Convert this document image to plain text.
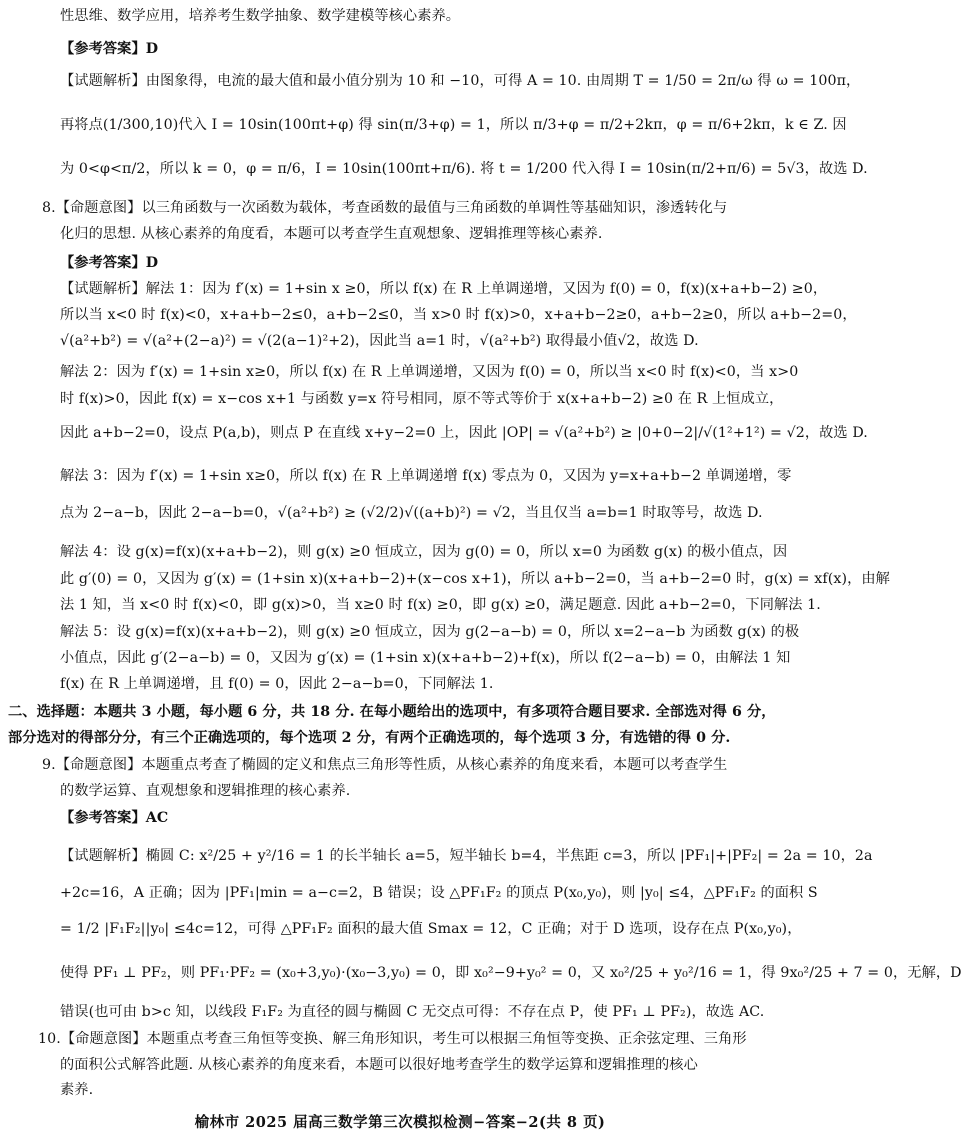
性思维、数学应用，培养考生数学抽象、数学建模等核心素养。
【参考答案】D
【试题解析】由图象得，电流的最大值和最小值分别为 10 和 −10，可得 A = 10. 由周期 T = 1/50 = 2π/ω 得 ω = 100π，
再将点(1/300,10)代入 I = 10sin(100πt+φ) 得 sin(π/3+φ) = 1，所以 π/3+φ = π/2+2kπ，φ = π/6+2kπ，k ∈ Z. 因
为 0<φ<π/2，所以 k = 0，φ = π/6，I = 10sin(100πt+π/6). 将 t = 1/200 代入得 I = 10sin(π/2+π/6) = 5√3，故选 D.
8.【命题意图】以三角函数与一次函数为载体，考查函数的最值与三角函数的单调性等基础知识，渗透转化与
化归的思想. 从核心素养的角度看，本题可以考查学生直观想象、逻辑推理等核心素养.
【参考答案】D
【试题解析】解法 1：因为 f′(x) = 1+sin x ≥0，所以 f(x) 在 R 上单调递增，又因为 f(0) = 0，f(x)(x+a+b−2) ≥0，
所以当 x<0 时 f(x)<0，x+a+b−2≤0，a+b−2≤0，当 x>0 时 f(x)>0，x+a+b−2≥0，a+b−2≥0，所以 a+b−2=0，
√(a²+b²) = √(a²+(2−a)²) = √(2(a−1)²+2)，因此当 a=1 时，√(a²+b²) 取得最小值√2，故选 D.
解法 2：因为 f′(x) = 1+sin x≥0，所以 f(x) 在 R 上单调递增，又因为 f(0) = 0，所以当 x<0 时 f(x)<0，当 x>0
时 f(x)>0，因此 f(x) = x−cos x+1 与函数 y=x 符号相同，原不等式等价于 x(x+a+b−2) ≥0 在 R 上恒成立，
因此 a+b−2=0，设点 P(a,b)，则点 P 在直线 x+y−2=0 上，因此 |OP| = √(a²+b²) ≥ |0+0−2|/√(1²+1²) = √2，故选 D.
解法 3：因为 f′(x) = 1+sin x≥0，所以 f(x) 在 R 上单调递增 f(x) 零点为 0，又因为 y=x+a+b−2 单调递增，零
点为 2−a−b，因此 2−a−b=0，√(a²+b²) ≥ (√2/2)√((a+b)²) = √2，当且仅当 a=b=1 时取等号，故选 D.
解法 4：设 g(x)=f(x)(x+a+b−2)，则 g(x) ≥0 恒成立，因为 g(0) = 0，所以 x=0 为函数 g(x) 的极小值点，因
此 g′(0) = 0，又因为 g′(x) = (1+sin x)(x+a+b−2)+(x−cos x+1)，所以 a+b−2=0，当 a+b−2=0 时，g(x) = xf(x)，由解
法 1 知，当 x<0 时 f(x)<0，即 g(x)>0，当 x≥0 时 f(x) ≥0，即 g(x) ≥0，满足题意. 因此 a+b−2=0，下同解法 1.
解法 5：设 g(x)=f(x)(x+a+b−2)，则 g(x) ≥0 恒成立，因为 g(2−a−b) = 0，所以 x=2−a−b 为函数 g(x) 的极
小值点，因此 g′(2−a−b) = 0，又因为 g′(x) = (1+sin x)(x+a+b−2)+f(x)，所以 f(2−a−b) = 0，由解法 1 知
f(x) 在 R 上单调递增，且 f(0) = 0，因此 2−a−b=0，下同解法 1.
二、选择题：本题共 3 小题，每小题 6 分，共 18 分. 在每小题给出的选项中，有多项符合题目要求. 全部选对得 6 分，
部分选对的得部分分，有三个正确选项的，每个选项 2 分，有两个正确选项的，每个选项 3 分，有选错的得 0 分.
9.【命题意图】本题重点考查了椭圆的定义和焦点三角形等性质，从核心素养的角度来看，本题可以考查学生
的数学运算、直观想象和逻辑推理的核心素养.
【参考答案】AC
【试题解析】椭圆 C: x²/25 + y²/16 = 1 的长半轴长 a=5，短半轴长 b=4，半焦距 c=3，所以 |PF₁|+|PF₂| = 2a = 10，2a
+2c=16，A 正确；因为 |PF₁|min = a−c=2，B 错误；设 △PF₁F₂ 的顶点 P(x₀,y₀)，则 |y₀| ≤4，△PF₁F₂ 的面积 S
= 1/2 |F₁F₂||y₀| ≤4c=12，可得 △PF₁F₂ 面积的最大值 Smax = 12，C 正确；对于 D 选项，设存在点 P(x₀,y₀)，
使得 PF₁ ⊥ PF₂，则 PF₁·PF₂ = (x₀+3,y₀)·(x₀−3,y₀) = 0，即 x₀²−9+y₀² = 0，又 x₀²/25 + y₀²/16 = 1，得 9x₀²/25 + 7 = 0，无解，D
错误(也可由 b>c 知，以线段 F₁F₂ 为直径的圆与椭圆 C 无交点可得：不存在点 P，使 PF₁ ⊥ PF₂)，故选 AC.
10.【命题意图】本题重点考查三角恒等变换、解三角形知识，考生可以根据三角恒等变换、正余弦定理、三角形
的面积公式解答此题. 从核心素养的角度来看，本题可以很好地考查学生的数学运算和逻辑推理的核心
素养.
榆林市 2025 届高三数学第三次模拟检测−答案−2(共 8 页)
